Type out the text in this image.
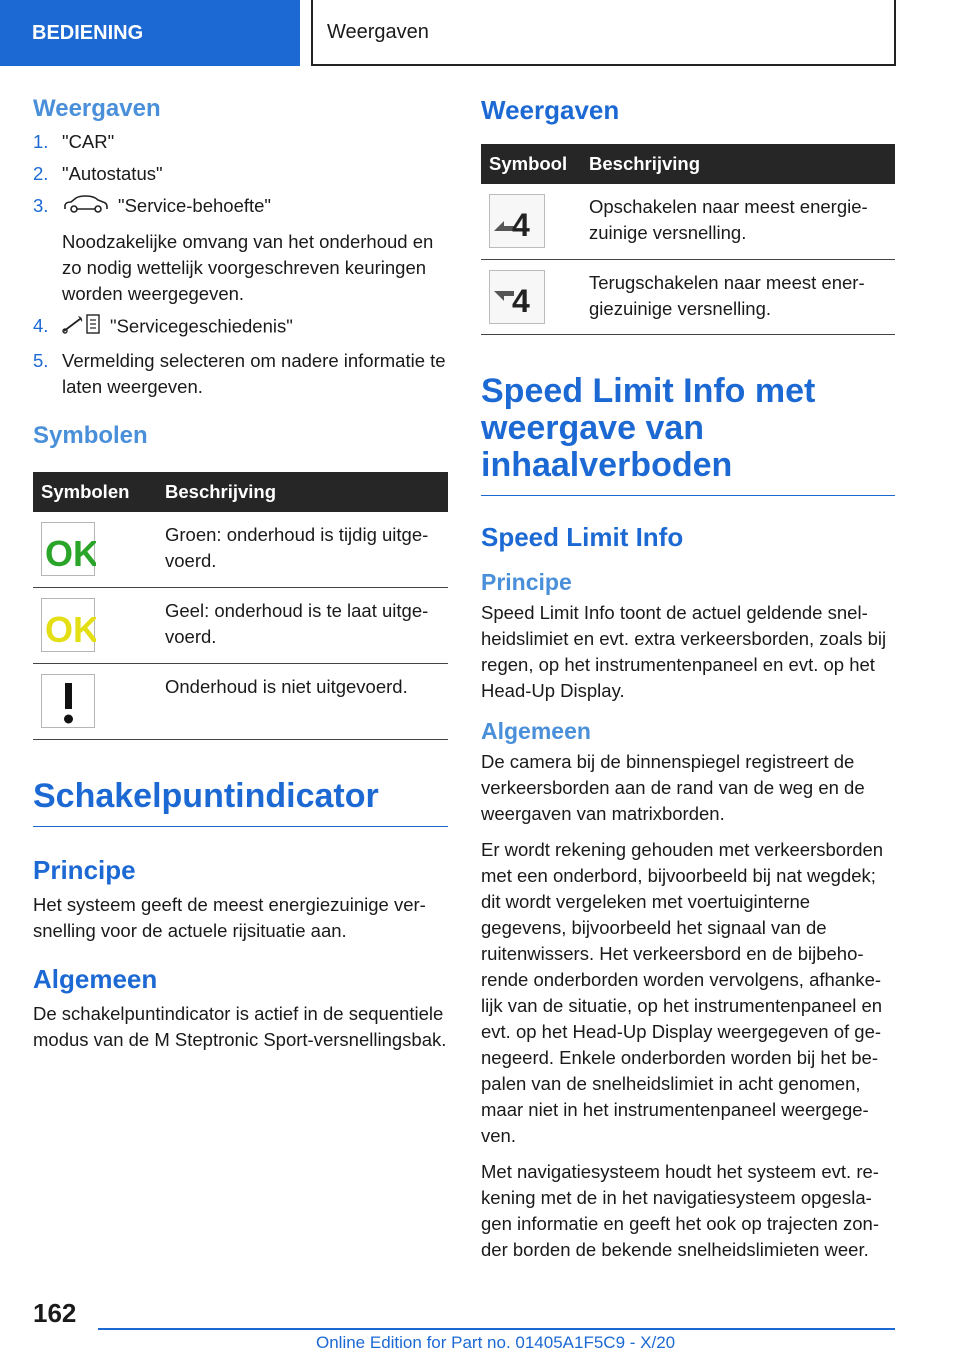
BEDIENING	Weergaven
Weergaven
1. "CAR"
2. "Autostatus"
3.	"Service-behoefte"
Noodzakelijke omvang van het onderhoud en zo nodig wettelijk voorgeschreven keuringen worden weergegeven.
4.	"Servicegeschiedenis"
5. Vermelding selecteren om nadere informatie te laten weergeven.
Symbolen
Symbolen	Beschrijving

OK	Groen: onderhoud is tijdig uitgevoerd.

OK	Geel: onderhoud is te laat uitgevoerd.

	Onderhoud is niet uitgevoerd.
Schakelpuntindicator
Principe

Het systeem geeft de meest energiezuinige versnelling voor de actuele rijsituatie aan.

Algemeen

De schakelpuntindicator is actief in de sequentiele modus van de M Steptronic Sport-versnellingsbak.

Weergaven
Symbool	Beschrijving

4	Opschakelen naar meest energiezuinige versnelling.

4	Terugschakelen naar meest energiezuinige versnelling.
Speed Limit Info met weergave van inhaalverboden
Speed Limit Info
Principe

Speed Limit Info toont de actuel geldende snelheidslimiet en evt. extra verkeersborden, zoals bij regen, op het instrumentenpaneel en evt. op het Head-Up Display.

Algemeen

De camera bij de binnenspiegel registreert de verkeersborden aan de rand van de weg en de weergaven van matrixborden.

Er wordt rekening gehouden met verkeersborden met een onderbord, bijvoorbeeld bij nat wegdek; dit wordt vergeleken met voertuiginterne gegevens, bijvoorbeeld het signaal van de ruitenwissers. Het verkeersbord en de bijbehorende onderborden worden vervolgens, afhankelijk van de situatie, op het instrumentenpaneel en evt. op het Head-Up Display weergegeven of genegeerd. Enkele onderborden worden bij het bepalen van de snelheidslimiet in acht genomen, maar niet in het instrumentenpaneel weergegeven.

Met navigatiesysteem houdt het systeem evt. rekening met de in het navigatiesysteem opgeslagen informatie en geeft het ook op trajecten zonder borden de bekende snelheidslimieten weer.

162
Online Edition for Part no. 01405A1F5C9 - X/20
